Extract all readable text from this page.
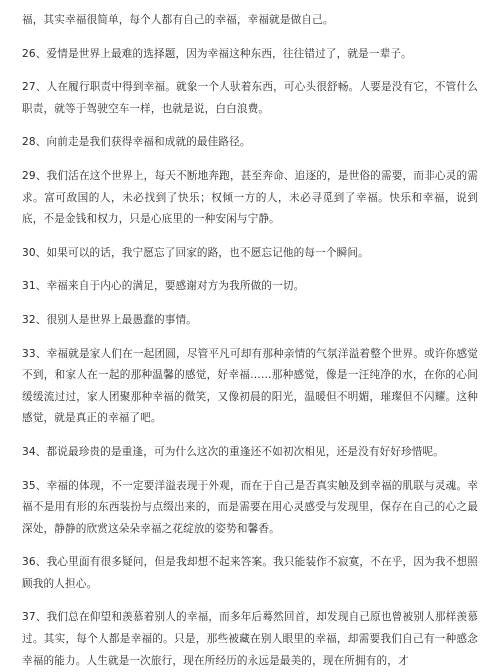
福，其实幸福很简单，每个人都有自己的幸福，幸福就是做自己。

26、爱情是世界上最难的选择题，因为幸福这种东西，往往错过了，就是一辈子。

27、人在履行职责中得到幸福。就象一个人驮着东西，可心头很舒畅。人要是没有它，不管什么职责，就等于驾驶空车一样，也就是说，白白浪费。

28、向前走是我们获得幸福和成就的最佳路径。

29、我们活在这个世界上，每天不断地奔跑，甚至奔命、追逐的，是世俗的需要，而非心灵的需求。富可敌国的人，未必找到了快乐；权倾一方的人，未必寻觅到了幸福。快乐和幸福，说到底，不是金钱和权力，只是心底里的一种安闲与宁静。

30、如果可以的话，我宁愿忘了回家的路，也不愿忘记他的每一个瞬间。

31、幸福来自于内心的满足，要感谢对方为我所做的一切。

32、很别人是世界上最愚蠢的事情。

33、幸福就是家人们在一起团圆，尽管平凡可却有那种亲情的气氛洋溢着整个世界。或许你感觉不到，和家人在一起的那种温馨的感觉，好幸福……那种感觉，像是一汪纯净的水，在你的心间缓缓流过过，家人团聚那种幸福的微笑，又像初晨的阳光，温暖但不明媚，璀璨但不闪耀。这种感觉，就是真正的幸福了吧。

34、都说最珍贵的是重逢，可为什么这次的重逢还不如初次相见，还是没有好好珍惜呢。

35、幸福的体现，不一定要洋溢表现于外观，而在于自己是否真实触及到幸福的肌联与灵魂。幸福不是用有形的东西装扮与点缀出来的，而是需要在用心灵感受与发现里，保存在自己的心之最深处，静静的欣赏这朵朵幸福之花绽放的姿势和馨香。

36、我心里面有很多疑问，但是我却想不起来答案。我只能装作不寂寞，不在乎，因为我不想照顾我的人担心。

37、我们总在仰望和羡慕着别人的幸福，而多年后蓦然回首，却发现自己原也曾被别人那样羡慕过。其实，每个人都是幸福的。只是，那些被藏在别人眼里的幸福，却需要我们自己有一种感念幸福的能力。人生就是一次旅行，现在所经历的永远是最美的，现在所拥有的，才
